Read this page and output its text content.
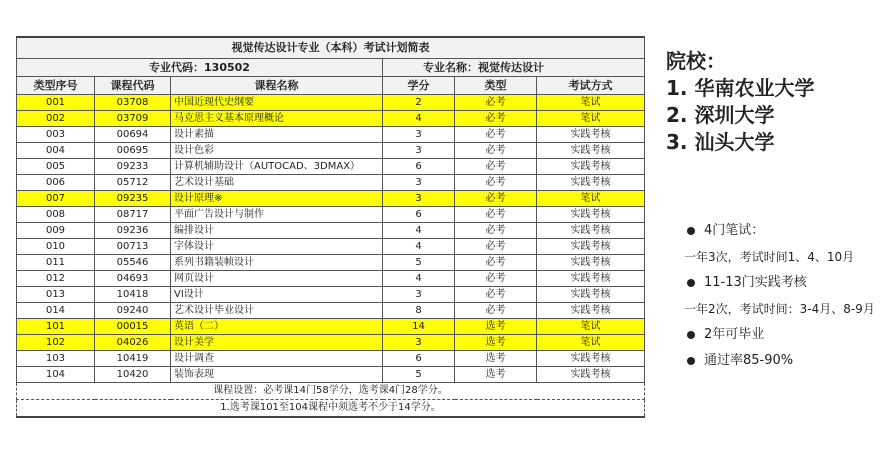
视觉传达设计专业（本科）考试计划简表					
专业代码：130502			专业名称：视觉传达设计		
类型序号	课程代码	课程名称	学分	类型	考试方式
001	03708	中国近现代史纲要	2	必考	笔试
002	03709	马克思主义基本原理概论	4	必考	笔试
003	00694	设计素描	3	必考	实践考核
004	00695	设计色彩	3	必考	实践考核
005	09233	计算机辅助设计（AUTOCAD、3DMAX）	6	必考	实践考核
006	05712	艺术设计基础	3	必考	实践考核
007	09235	设计原理※	3	必考	笔试
008	08717	平面广告设计与制作	6	必考	实践考核
009	09236	编排设计	4	必考	实践考核
010	00713	字体设计	4	必考	实践考核
011	05546	系列书籍装帧设计	5	必考	实践考核
012	04693	网页设计	4	必考	实践考核
013	10418	VI设计	3	必考	实践考核
014	09240	艺术设计毕业设计	8	必考	实践考核
101	00015	英语（二）	14	选考	笔试
102	04026	设计美学	3	选考	笔试
103	10419	设计调查	6	选考	实践考核
104	10420	装饰表现	5	选考	实践考核
课程设置：必考课14门58学分，选考课4门28学分。					
1.选考课101至104课程中须选考不少于14学分。					
院校：
1. 华南农业大学
2. 深圳大学
3. 汕头大学
4门笔试：
一年3次，考试时间1、4、10月
11-13门实践考核
一年2次，考试时间：3-4月、8-9月
2年可毕业
通过率85-90%
